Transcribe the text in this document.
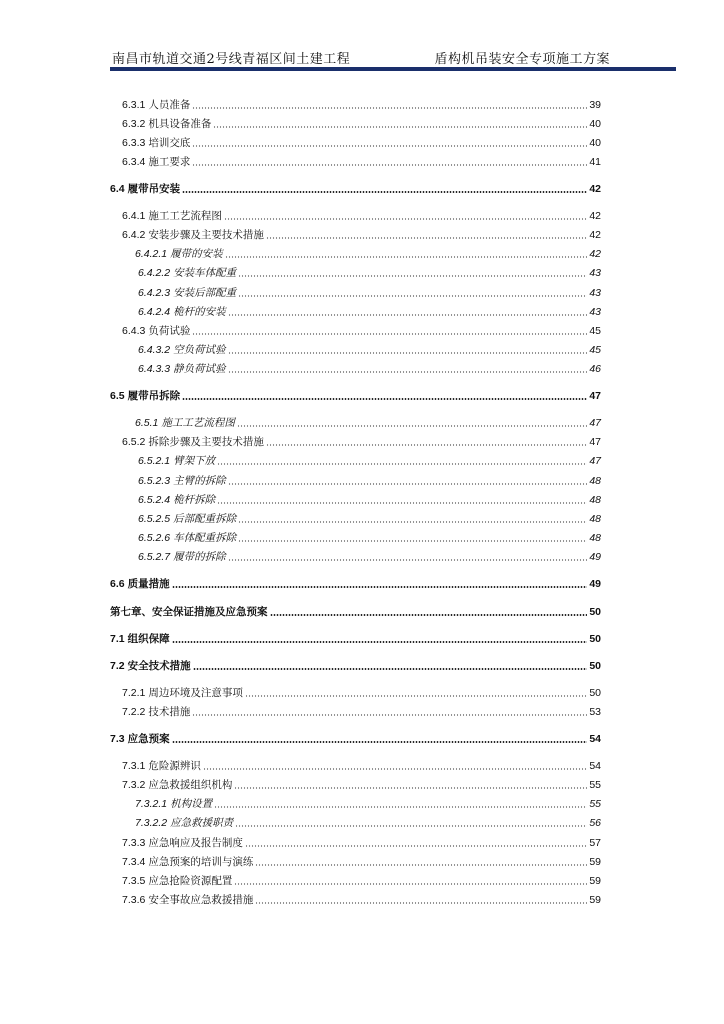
南昌市轨道交通2号线青福区间土建工程	盾构机吊装安全专项施工方案
6.3.1 人员准备	39
6.3.2 机具设备准备	40
6.3.3 培训交底	40
6.3.4 施工要求	41
6.4 履带吊安装	42
6.4.1 施工工艺流程图	42
6.4.2 安装步骤及主要技术措施	42
6.4.2.1 履带的安装	42
6.4.2.2 安装车体配重	43
6.4.2.3 安装后部配重	43
6.4.2.4 桅杆的安装	43
6.4.3 负荷试验	45
6.4.3.2 空负荷试验	45
6.4.3.3 静负荷试验	46
6.5 履带吊拆除	47
6.5.1 施工工艺流程图	47
6.5.2 拆除步骤及主要技术措施	47
6.5.2.1 臂架下放	47
6.5.2.3 主臂的拆除	48
6.5.2.4 桅杆拆除	48
6.5.2.5 后部配重拆除	48
6.5.2.6 车体配重拆除	48
6.5.2.7 履带的拆除	49
6.6 质量措施	49
第七章、安全保证措施及应急预案	50
7.1 组织保障	50
7.2 安全技术措施	50
7.2.1 周边环境及注意事项	50
7.2.2 技术措施	53
7.3 应急预案	54
7.3.1 危险源辨识	54
7.3.2 应急救援组织机构	55
7.3.2.1 机构设置	55
7.3.2.2 应急救援职责	56
7.3.3 应急响应及报告制度	57
7.3.4 应急预案的培训与演练	59
7.3.5 应急抢险资源配置	59
7.3.6 安全事故应急救援措施	59
